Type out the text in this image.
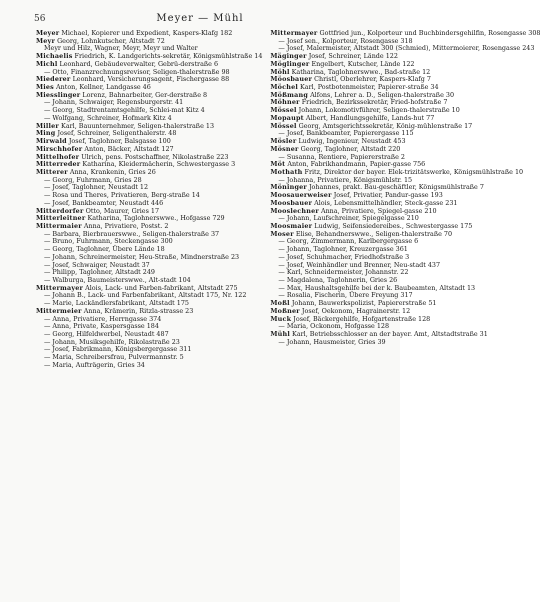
56	Meyer — Mühl
Meyer Michael, Kopierer und Expedient, Kaspers-Klafg 182
Meyr Georg, Lohnkutscher, Altstadt 72
Meyr und Hilz, Wagner, Meyr, Meyr und Walter
Michaelis Friedrich, K. Landgerichts-sekretär, Königsmühlstraße 14
Michl Leonhard, Gebäudeverwalter, Gebrü-derstraße 6
— Otto, Finanzrechnungsrevisor, Seligen-thalerstraße 98
Miederer Leonhard, Versicherungsagent, Fischergasse 88
Mies Anton, Kellner, Landgasse 46
Miesslinger Lorenz, Bahnarbeiter, Ger-derstraße 8
— Johann, Schwaiger, Regensburgerstr. 41
— Georg, Stadtrentamtsgehilfe, Schlei-mat Kitz 4
— Wolfgang, Schreiner, Hofmark Kitz 4
Miller Karl, Bauunternehmer, Seligen-thalerstraße 13
Ming Josef, Schreiner, Seligenthalerstr. 48
Mirwald Josef, Taglohner, Balsgasse 100
Mirschhofer Anton, Bäcker, Altstadt 127
Mittelhofer Ulrich, pens. Postschaffner, Nikolastraße 223
Mitterreder Katharina, Kleidermächerin, Schwestergasse 3
Mitterer Anna, Krankenin, Gries 26
— Georg, Fuhrmann, Gries 28
— Josef, Taglohner, Neustadt 12
— Rosa und Theres, Privatieren, Berg-straße 14
— Josef, Bankbeamter, Neustadt 446
Mitterdorfer Otto, Maurer, Gries 17
Mitterleitner Katharina, Taglohnerswwe., Hofgasse 729
Mittermaier Anna, Privatiere, Postst. 2
— Barbara, Bierbrauerswwe., Seligen-thalerstraße 37
— Bruno, Fuhrmann, Steckengasse 300
— Georg, Taglohner, Übere Lände 18
— Johann, Schreinermeister, Heu-Straße, Mindnerstraße 23
— Josef, Schwaiger, Neustadt 37
— Philipp, Taglohner, Altstadt 249
— Walburga, Baumeisterswwe., Alt-stadt 104
Mittermayer Alois, Lack- und Farben-fabrikant, Altstadt 275
— Johann B., Lack- und Farbenfabrikant, Altstadt 175, Nr. 122
— Marie, Lackändlersfabrikant, Altstadt 175
Mittermeier Anna, Krämerin, Ritzla-strasse 23
— Anna, Privatiere, Herrngasse 374
— Anna, Private, Kaspersgasse 184
— Georg, Hilfeldwerbel, Neustadt 487
— Johann, Musiksgehilfe, Rikolastraße 23
— Josef, Fabrikmann, Königsbergergasse 311
— Maria, Schreibersfrau, Pulvermannstr. 5
— Maria, Aufträgerin, Gries 34
Mittermayer Gottfried jun., Kolporteur und Buchbindersgehilfin, Rosengasse 308
— Josef sen., Kolporteur, Rosengasse 318
— Josef, Malermeister, Altstadt 300 (Schmied), Mittermoierer, Rosengasse 243
Mäginger Josef, Schreiner, Lände 122
Möglinger Engelbert, Kutscher, Lände 122
Möhl Katharina, Taglohnerswwe., Bad-straße 12
Möosbauer Christl, Oberlehrer, Kaspers-Klafg 7
Möchel Karl, Postbotenmeister, Papierer-straße 34
Mößmang Alfons, Lehrer a. D., Seligen-thalerstraße 30
Möhner Friedrich, Bezirkssekretär, Fried-hofstraße 7
Mössel Johann, Lokomotivführer, Seligen-thalerstraße 10
Mopaupt Albert, Handlungsgehilfe, Lands-hut 77
Mössel Georg, Amtsgerichtssekretär, König-mühlenstraße 17
— Josef, Bankbeamter, Papierergasse 115
Mösler Ludwig, Ingenieur, Neustadt 453
Mösner Georg, Taglohner, Altstadt 220
— Susanna, Rentiere, Papiererstraße 2
Möt Anton, Fabrikhandmann, Papier-gasse 756
Mothath Fritz, Direktor der bayer. Elek-trizitätswerke, Königsmühlstraße 10
— Johanna, Privatiere, Königsmühlstr. 15
Möninger Johannes, prakt. Bau-geschäftler, Königsmühlstraße 7
Moosauerweiser Josef, Privatier, Pandur-gasse 193
Moosbauer Alois, Lebensmittelhändler, Steck-gasse 231
Mooslechner Anna, Privatiere, Spiegel-gasse 210
— Johann, Laufschreiner, Spiegelgasse 210
Moosmaier Ludwig, Seifensiedereibes., Schwestergasse 175
Moser Elise, Behandnerswwe., Seligen-thalerstraße 70
— Georg, Zimmermann, Karlbergergasse 6
— Johann, Taglohner, Kreuzergasse 361
— Josef, Schuhmacher, Friedhofstraße 3
— Josef, Weinhändler und Brenner, Neu-stadt 437
— Karl, Schneidermeister, Johannstr. 22
— Magdalena, Taglohnerin, Gries 26
— Max, Haushaltsgehilfe bei der k. Baubeamten, Altstadt 13
— Rosalia, Fischerin, Übere Freyung 317
Moßl Johann, Bauwerkspolizist, Papiererstraße 51
Moßner Josef, Oekonom, Hagrainerstr. 12
Muck Josef, Bäckergehilfe, Hofgartenstraße 128
— Maria, Ockonom, Hofgasse 128
Mühl Karl, Betriebsschlosser an der bayer. Amt, Altstadtstraße 31
— Johann, Hausmeister, Gries 39
